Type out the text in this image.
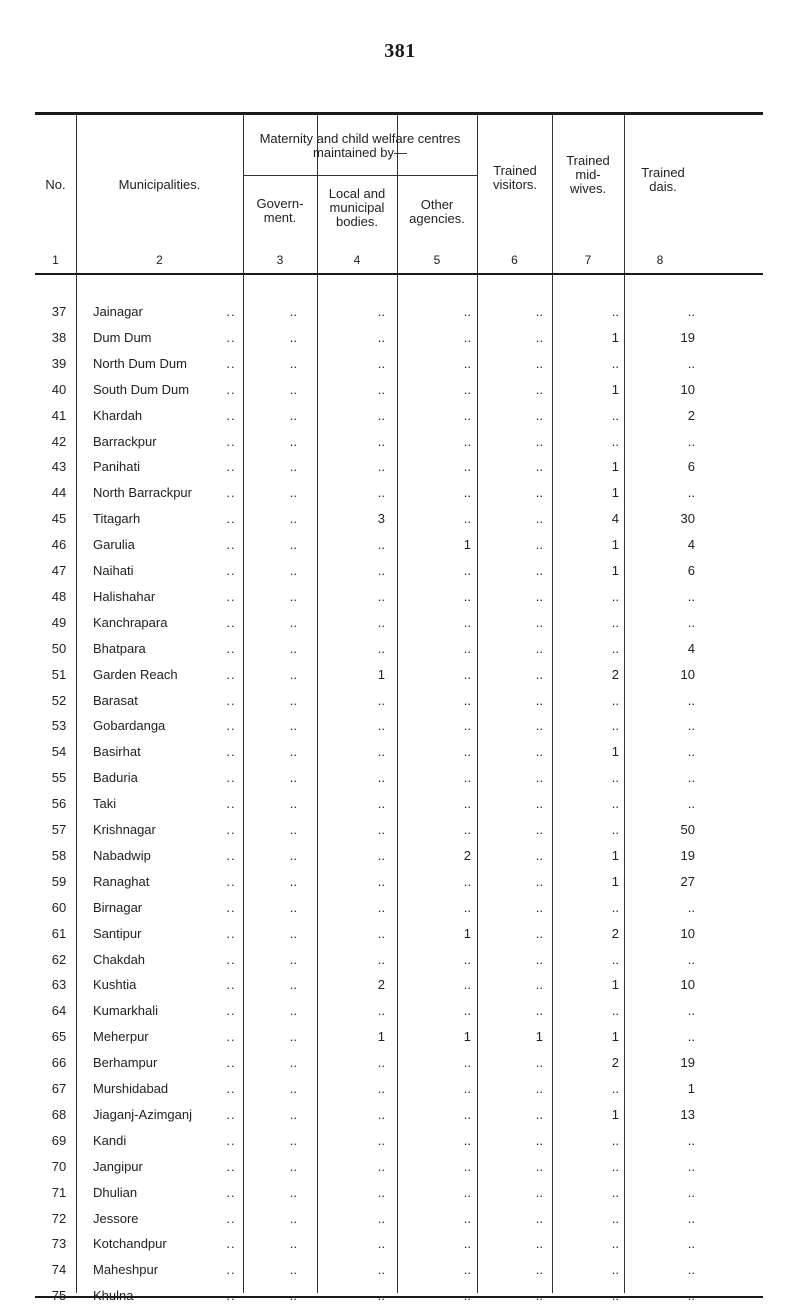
381
No.	Municipalities.
Maternity and child welfare centres maintained by—
Govern-
ment.
Local and municipal bodies.
Other agencies.
Trained visitors.
Trained mid-
wives.
Trained dais.
1	2	3	4	5	6	7	8
37	Jainagar	..	..	..	..	..	..	..
38	Dum Dum	..	..	..	..	..	1	19
39	North Dum Dum	..	..	..	..	..	..	..
40	South Dum Dum	..	..	..	..	..	1	10
41	Khardah	..	..	..	..	..	..	2
42	Barrackpur	..	..	..	..	..	..	..
43	Panihati	..	..	..	..	..	1	6
44	North Barrackpur	..	..	..	..	..	1	..
45	Titagarh	..	..	3	..	..	4	30
46	Garulia	..	..	..	1	..	1	4
47	Naihati	..	..	..	..	..	1	6
48	Halishahar	..	..	..	..	..	..	..
49	Kanchrapara	..	..	..	..	..	..	..
50	Bhatpara	..	..	..	..	..	..	4
51	Garden Reach	..	..	1	..	..	2	10
52	Barasat	..	..	..	..	..	..	..
53	Gobardanga	..	..	..	..	..	..	..
54	Basirhat	..	..	..	..	..	1	..
55	Baduria	..	..	..	..	..	..	..
56	Taki	..	..	..	..	..	..	..
57	Krishnagar	..	..	..	..	..	..	50
58	Nabadwip	..	..	..	2	..	1	19
59	Ranaghat	..	..	..	..	..	1	27
60	Birnagar	..	..	..	..	..	..	..
61	Santipur	..	..	..	1	..	2	10
62	Chakdah	..	..	..	..	..	..	..
63	Kushtia	..	..	2	..	..	1	10
64	Kumarkhali	..	..	..	..	..	..	..
65	Meherpur	..	..	1	1	1	1	..
66	Berhampur	..	..	..	..	..	2	19
67	Murshidabad	..	..	..	..	..	..	1
68	Jiaganj-Azimganj	..	..	..	..	..	1	13
69	Kandi	..	..	..	..	..	..	..
70	Jangipur	..	..	..	..	..	..	..
71	Dhulian	..	..	..	..	..	..	..
72	Jessore	..	..	..	..	..	..	..
73	Kotchandpur	..	..	..	..	..	..	..
74	Maheshpur	..	..	..	..	..	..	..
